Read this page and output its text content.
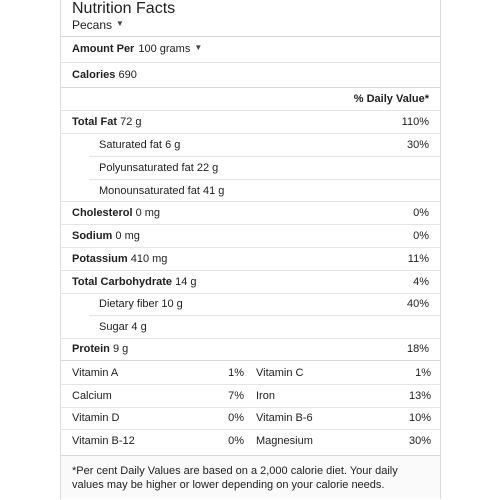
Nutrition Facts
Pecans ▼
Amount Per 100 grams ▼
Calories 690
% Daily Value*
Total Fat 72 g	110%
Saturated fat 6 g	30%
Polyunsaturated fat 22 g
Monounsaturated fat 41 g
Cholesterol 0 mg	0%
Sodium 0 mg	0%
Potassium 410 mg	11%
Total Carbohydrate 14 g	4%
Dietary fiber 10 g	40%
Sugar 4 g
Protein 9 g	18%
Vitamin A	1% Vitamin C	1%
Calcium	7% Iron	13%
Vitamin D	0% Vitamin B-6	10%
Vitamin B-12	0% Magnesium	30%
*Per cent Daily Values are based on a 2,000 calorie diet. Your daily values may be higher or lower depending on your calorie needs.
